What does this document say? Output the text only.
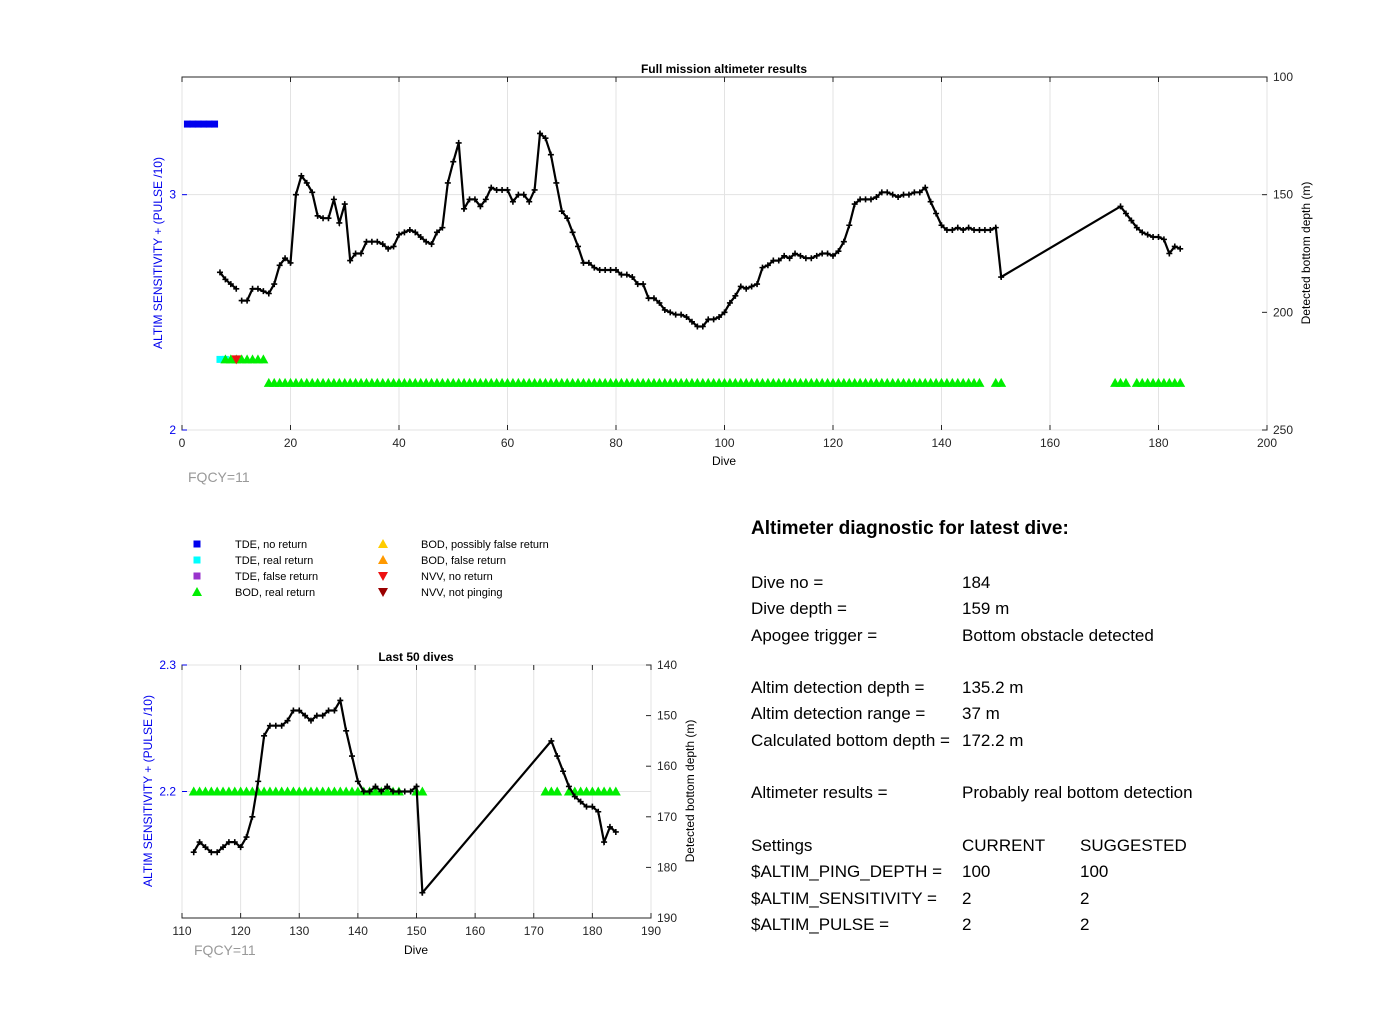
0	20	40	60	80	100	120	140	160	180	200
2
3
100
150
200
250
Full mission altimeter results
Dive
ALTIM SENSITIVITY + (PULSE /10)	Detected bottom depth (m)
FQCY=11
TDE, no return
TDE, real return
TDE, false return
BOD, real return
BOD, possibly false return
BOD, false return
NVV, no return
NVV, not pinging
110	120	130	140	150	160	170	180	190
2.2
2.3	140
150
160
170
180
190
Last 50 dives
Dive
ALTIM SENSITIVITY + (PULSE /10)	Detected bottom depth (m)
FQCY=11
Altimeter diagnostic for latest dive:
Dive no =	184
Dive depth =	159 m
Apogee trigger =	Bottom obstacle detected
Altim detection depth = 135.2 m
Altim detection range = 37 m
Calculated bottom depth = 172.2 m
Altimeter results =	Probably real bottom detection
Settings	CURRENT SUGGESTED
$ALTIM_PING_DEPTH = 100	100
$ALTIM_SENSITIVITY = 2	2
$ALTIM_PULSE =	2	2
